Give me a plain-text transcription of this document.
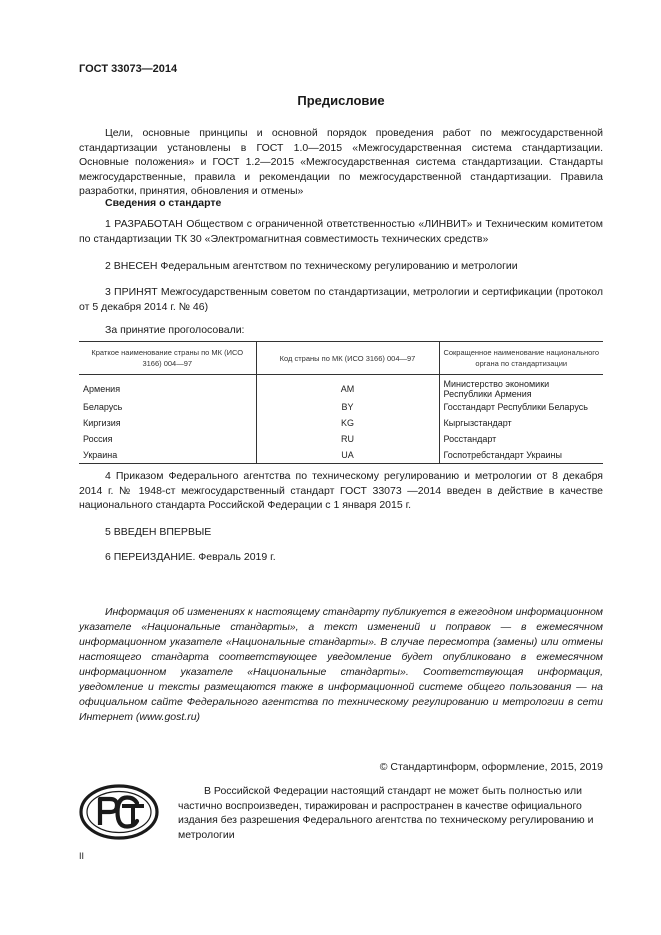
ГОСТ 33073—2014
Предисловие
Цели, основные принципы и основной порядок проведения работ по межгосударственной стандартизации установлены в ГОСТ 1.0—2015 «Межгосударственная система стандартизации. Основные положения» и ГОСТ 1.2—2015 «Межгосударственная система стандартизации. Стандарты межгосударственные, правила и рекомендации по межгосударственной стандартизации. Правила разработки, принятия, обновления и отмены»
Сведения о стандарте
1 РАЗРАБОТАН Обществом с ограниченной ответственностью «ЛИНВИТ» и Техническим комитетом по стандартизации ТК 30 «Электромагнитная совместимость технических средств»
2 ВНЕСЕН Федеральным агентством по техническому регулированию и метрологии
3 ПРИНЯТ Межгосударственным советом по стандартизации, метрологии и сертификации (протокол от 5 декабря 2014 г. № 46)
За принятие проголосовали:
Краткое наименование страны по МК (ИСО 3166) 004—97	Код страны по МК (ИСО 3166) 004—97	Сокращенное наименование национального органа по стандартизации
Армения	AM	Министерство экономики Республики Армения
Беларусь	BY	Госстандарт Республики Беларусь
Киргизия	KG	Кыргызстандарт
Россия	RU	Росстандарт
Украина	UA	Госпотребстандарт Украины
4 Приказом Федерального агентства по техническому регулированию и метрологии от 8 декабря 2014 г. № 1948-ст межгосударственный стандарт ГОСТ 33073 —2014 введен в действие в качестве национального стандарта Российской Федерации с 1 января 2015 г.
5 ВВЕДЕН ВПЕРВЫЕ
6 ПЕРЕИЗДАНИЕ. Февраль 2019 г.
Информация об изменениях к настоящему стандарту публикуется в ежегодном информационном указателе «Национальные стандарты», а текст изменений и поправок — в ежемесячном информационном указателе «Национальные стандарты». В случае пересмотра (замены) или отмены настоящего стандарта соответствующее уведомление будет опубликовано в ежемесячном информационном указателе «Национальные стандарты». Соответствующая информация, уведомление и тексты размещаются также в информационной системе общего пользования — на официальном сайте Федерального агентства по техническому регулированию и метрологии в сети Интернет (www.gost.ru)
© Стандартинформ, оформление, 2015, 2019
В Российской Федерации настоящий стандарт не может быть полностью или частично воспроизведен, тиражирован и распространен в качестве официального издания без разрешения Федерального агентства по техническому регулированию и метрологии
II
